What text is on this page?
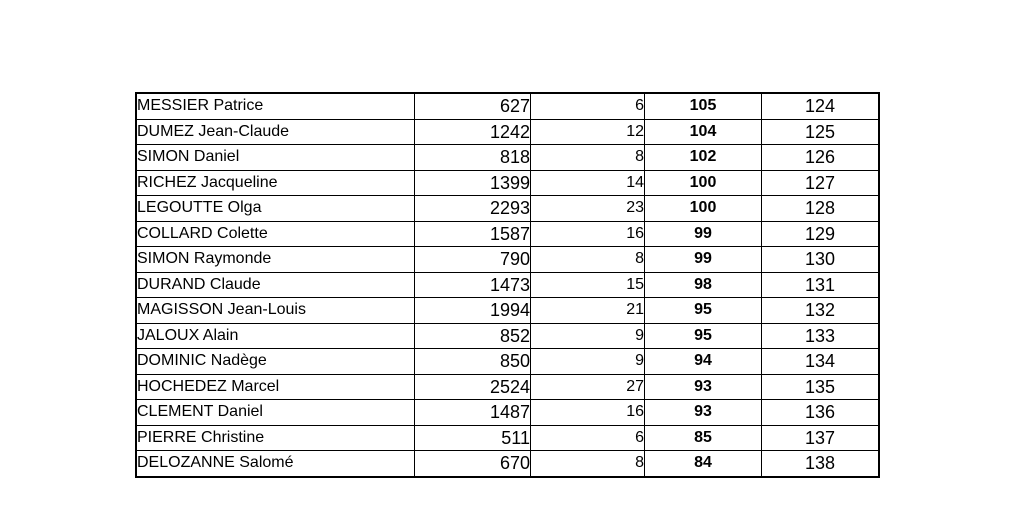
MESSIER Patrice	627	6	105	124
DUMEZ Jean-Claude	1242	12	104	125
SIMON Daniel	818	8	102	126
RICHEZ Jacqueline	1399	14	100	127
LEGOUTTE Olga	2293	23	100	128
COLLARD Colette	1587	16	99	129
SIMON Raymonde	790	8	99	130
DURAND Claude	1473	15	98	131
MAGISSON Jean-Louis	1994	21	95	132
JALOUX Alain	852	9	95	133
DOMINIC Nadège	850	9	94	134
HOCHEDEZ Marcel	2524	27	93	135
CLEMENT Daniel	1487	16	93	136
PIERRE Christine	511	6	85	137
DELOZANNE Salomé	670	8	84	138
